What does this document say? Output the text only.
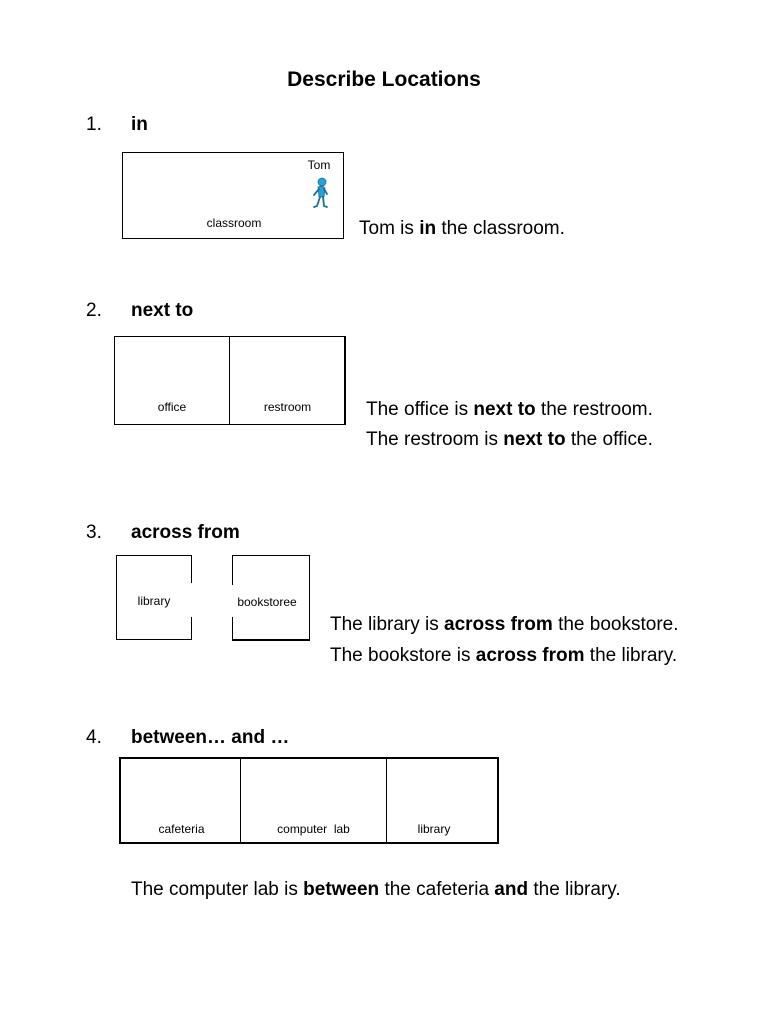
Describe Locations
1. in
classroom
Tom
Tom is in the classroom.
2. next to
office	restroom	The office is next to the restroom.
The restroom is next to the office.
3. across from
library	bookstoree
The library is across from the bookstore.
The bookstore is across from the library.
4. between… and …
cafeteria	computer  lab	library
The computer lab is between the cafeteria and the library.
